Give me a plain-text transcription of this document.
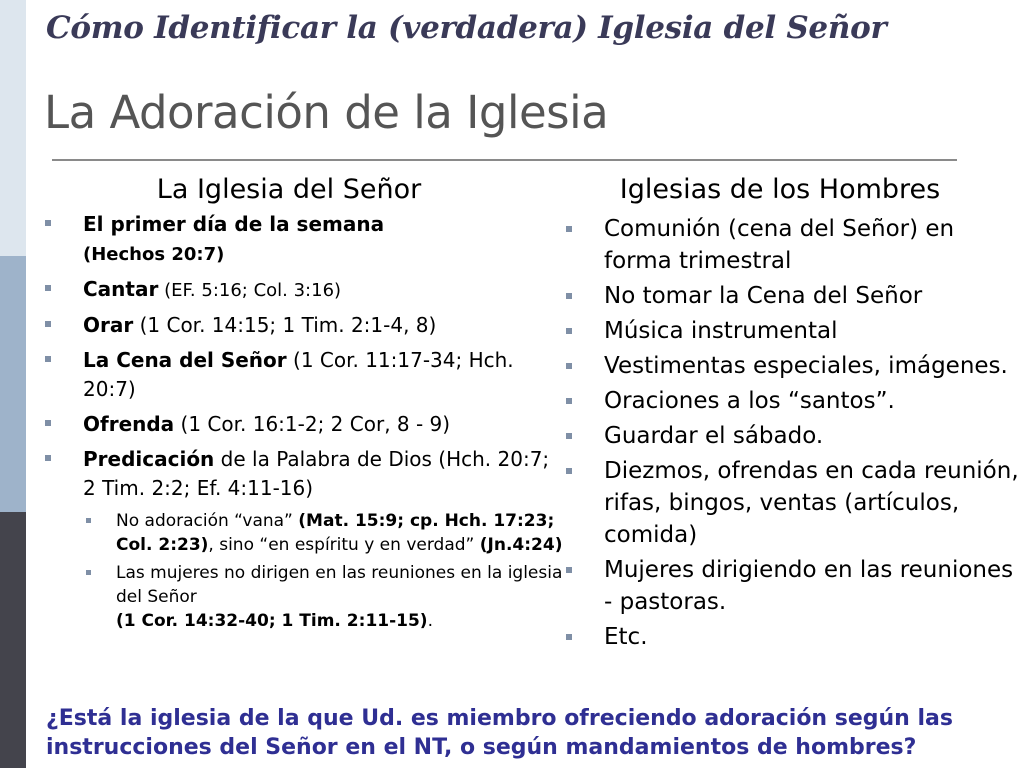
Cómo Identificar la (verdadera) Iglesia del Señor
La Adoración de la Iglesia
La Iglesia del Señor
El primer día de la semana
(Hechos 20:7)
Cantar (EF. 5:16; Col. 3:16)
Orar (1 Cor. 14:15; 1 Tim. 2:1-4, 8)
La Cena del Señor (1 Cor. 11:17-34; Hch. 20:7)
Ofrenda (1 Cor. 16:1-2; 2 Cor, 8 - 9)
Predicación de la Palabra de Dios (Hch. 20:7; 2 Tim. 2:2; Ef. 4:11-16)
No adoración “vana” (Mat. 15:9; cp. Hch. 17:23; Col. 2:23), sino “en espíritu y en verdad” (Jn.4:24)
Las mujeres no dirigen en las reuniones en la iglesia del Señor
(1 Cor. 14:32-40; 1 Tim. 2:11-15).
Iglesias de los Hombres
Comunión (cena del Señor) en forma trimestral
No tomar la Cena del Señor
Música instrumental
Vestimentas especiales, imágenes.
Oraciones a los “santos”.
Guardar el sábado.
Diezmos, ofrendas en cada reunión, rifas, bingos, ventas (artículos, comida)
Mujeres dirigiendo en las reuniones - pastoras.
Etc.
¿Está la iglesia de la que Ud. es miembro ofreciendo adoración según las instrucciones del Señor en el NT, o según mandamientos de hombres?
